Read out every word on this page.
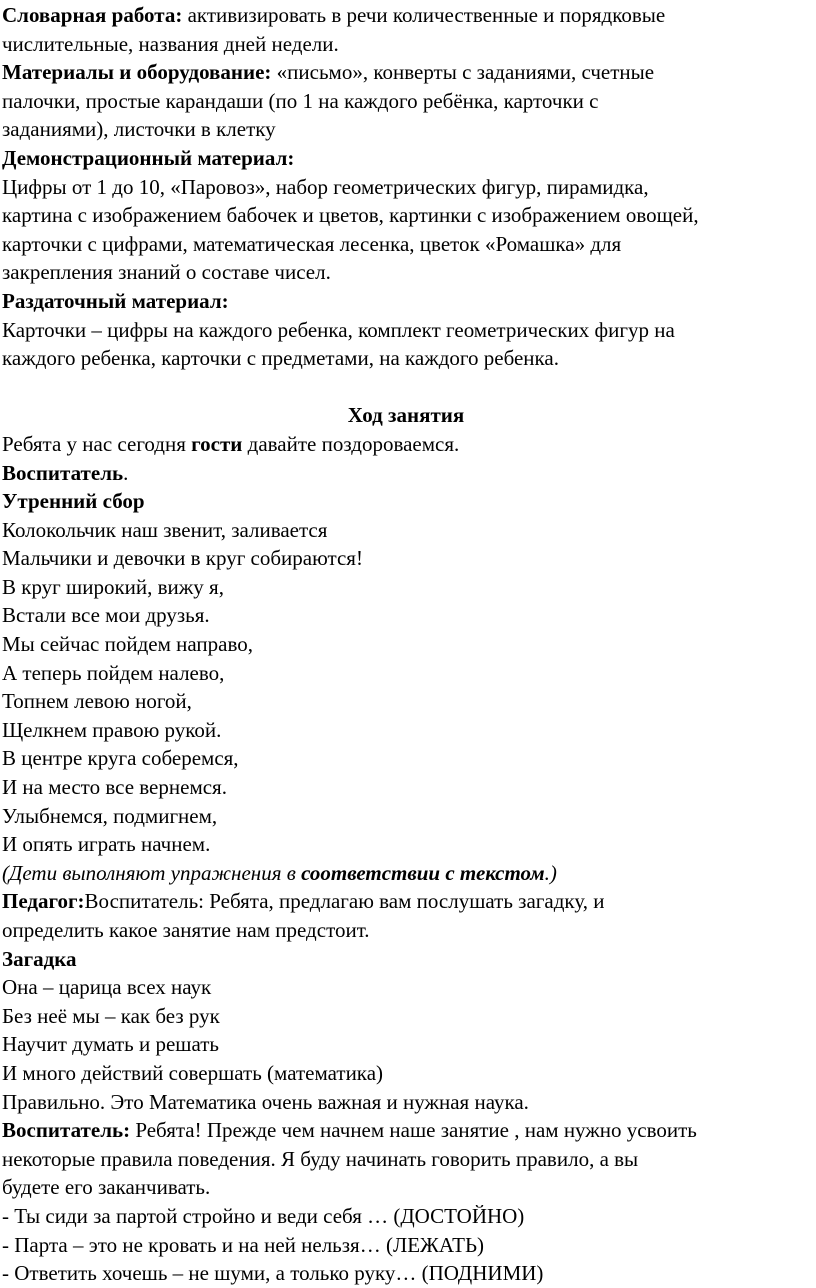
Словарная работа: активизировать в речи количественные и порядковые

числительные, названия дней недели.

Материалы и оборудование: «письмо», конверты с заданиями, счетные

палочки, простые карандаши (по 1 на каждого ребёнка, карточки с

заданиями), листочки в клетку

Демонстрационный материал:

Цифры от 1 до 10, «Паровоз», набор геометрических фигур, пирамидка,

картина с изображением бабочек и цветов, картинки с изображением овощей,

карточки с цифрами, математическая лесенка, цветок «Ромашка» для

закрепления знаний о составе чисел.

Раздаточный материал:

Карточки – цифры на каждого ребенка, комплект геометрических фигур на

каждого ребенка, карточки с предметами, на каждого ребенка.

Ход занятия

Ребята у нас сегодня гости давайте поздороваемся.

Воспитатель.

Утренний сбор

Колокольчик наш звенит, заливается

Мальчики и девочки в круг собираются!

В круг широкий, вижу я,

Встали все мои друзья.

Мы сейчас пойдем направо,

А теперь пойдем налево,

Топнем левою ногой,

Щелкнем правою рукой.

В центре круга соберемся,

И на место все вернемся.

Улыбнемся, подмигнем,

И опять играть начнем.

(Дети выполняют упражнения в соответствии с текстом.)

Педагог:Воспитатель: Ребята, предлагаю вам послушать загадку, и

определить какое занятие нам предстоит.

Загадка

Она – царица всех наук

Без неё мы – как без рук

Научит думать и решать

И много действий совершать (математика)

Правильно. Это Математика очень важная и нужная наука.

Воспитатель: Ребята! Прежде чем начнем наше занятие , нам нужно усвоить

некоторые правила поведения. Я буду начинать говорить правило, а вы

будете его заканчивать.

- Ты сиди за партой стройно и веди себя … (ДОСТОЙНО)

- Парта – это не кровать и на ней нельзя… (ЛЕЖАТЬ)

- Ответить хочешь – не шуми, а только руку… (ПОДНИМИ)
